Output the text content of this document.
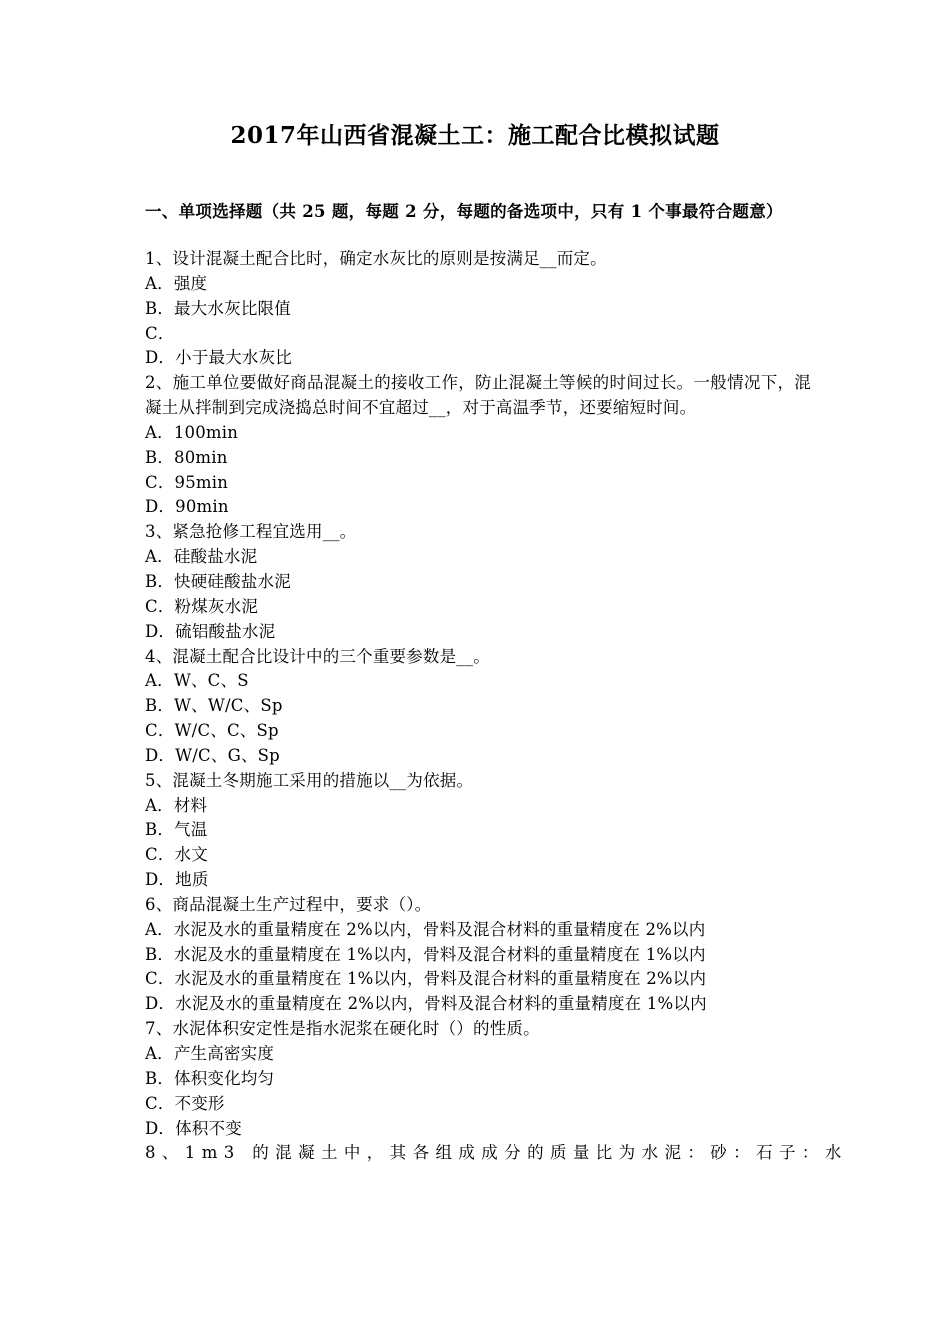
2017年山西省混凝土工：施工配合比模拟试题
一、单项选择题（共 25 题，每题 2 分，每题的备选项中，只有 1 个事最符合题意）
1、设计混凝土配合比时，确定水灰比的原则是按满足__而定。
A．强度
B．最大水灰比限值
C．
D．小于最大水灰比
2、施工单位要做好商品混凝土的接收工作，防止混凝土等候的时间过长。一般情况下，混凝土从拌制到完成浇捣总时间不宜超过__，对于高温季节，还要缩短时间。
A．100min
B．80min
C．95min
D．90min
3、紧急抢修工程宜选用__。
A．硅酸盐水泥
B．快硬硅酸盐水泥
C．粉煤灰水泥
D．硫铝酸盐水泥
4、混凝土配合比设计中的三个重要参数是__。
A．W、C、S
B．W、W/C、Sp
C．W/C、C、Sp
D．W/C、G、Sp
5、混凝土冬期施工采用的措施以__为依据。
A．材料
B．气温
C．水文
D．地质
6、商品混凝土生产过程中，要求（）。
A．水泥及水的重量精度在 2%以内，骨料及混合材料的重量精度在 2%以内
B．水泥及水的重量精度在 1%以内，骨料及混合材料的重量精度在 1%以内
C．水泥及水的重量精度在 1%以内，骨料及混合材料的重量精度在 2%以内
D．水泥及水的重量精度在 2%以内，骨料及混合材料的重量精度在 1%以内
7、水泥体积安定性是指水泥浆在硬化时（）的性质。
A．产生高密实度
B．体积变化均匀
C．不变形
D．体积不变
8、1m3 的混凝土中，其各组成成分的质量比为水泥：砂：石子：水
